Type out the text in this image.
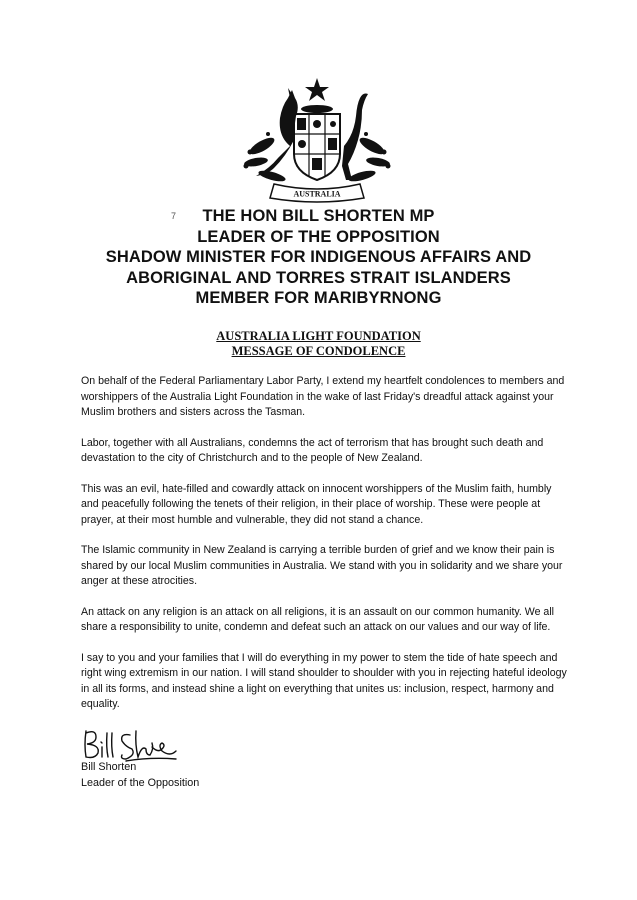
AUSTRALIA
7	THE HON BILL SHORTEN MP
LEADER OF THE OPPOSITION
SHADOW MINISTER FOR INDIGENOUS AFFAIRS AND
ABORIGINAL AND TORRES STRAIT ISLANDERS
MEMBER FOR MARIBYRNONG
AUSTRALIA LIGHT FOUNDATION
MESSAGE OF CONDOLENCE

On behalf of the Federal Parliamentary Labor Party, I extend my heartfelt condolences to members and worshippers of the Australia Light Foundation in the wake of last Friday's dreadful attack against your Muslim brothers and sisters across the Tasman.

Labor, together with all Australians, condemns the act of terrorism that has brought such death and devastation to the city of Christchurch and to the people of New Zealand.

This was an evil, hate-filled and cowardly attack on innocent worshippers of the Muslim faith, humbly and peacefully following the tenets of their religion, in their place of worship. These were people at prayer, at their most humble and vulnerable, they did not stand a chance.

The Islamic community in New Zealand is carrying a terrible burden of grief and we know their pain is shared by our local Muslim communities in Australia. We stand with you in solidarity and we share your anger at these atrocities.

An attack on any religion is an attack on all religions, it is an assault on our common humanity. We all share a responsibility to unite, condemn and defeat such an attack on our values and our way of life.

I say to you and your families that I will do everything in my power to stem the tide of hate speech and right wing extremism in our nation. I will stand shoulder to shoulder with you in rejecting hateful ideology in all its forms, and instead shine a light on everything that unites us: inclusion, respect, harmony and equality.

Bill Shorten
Leader of the Opposition
